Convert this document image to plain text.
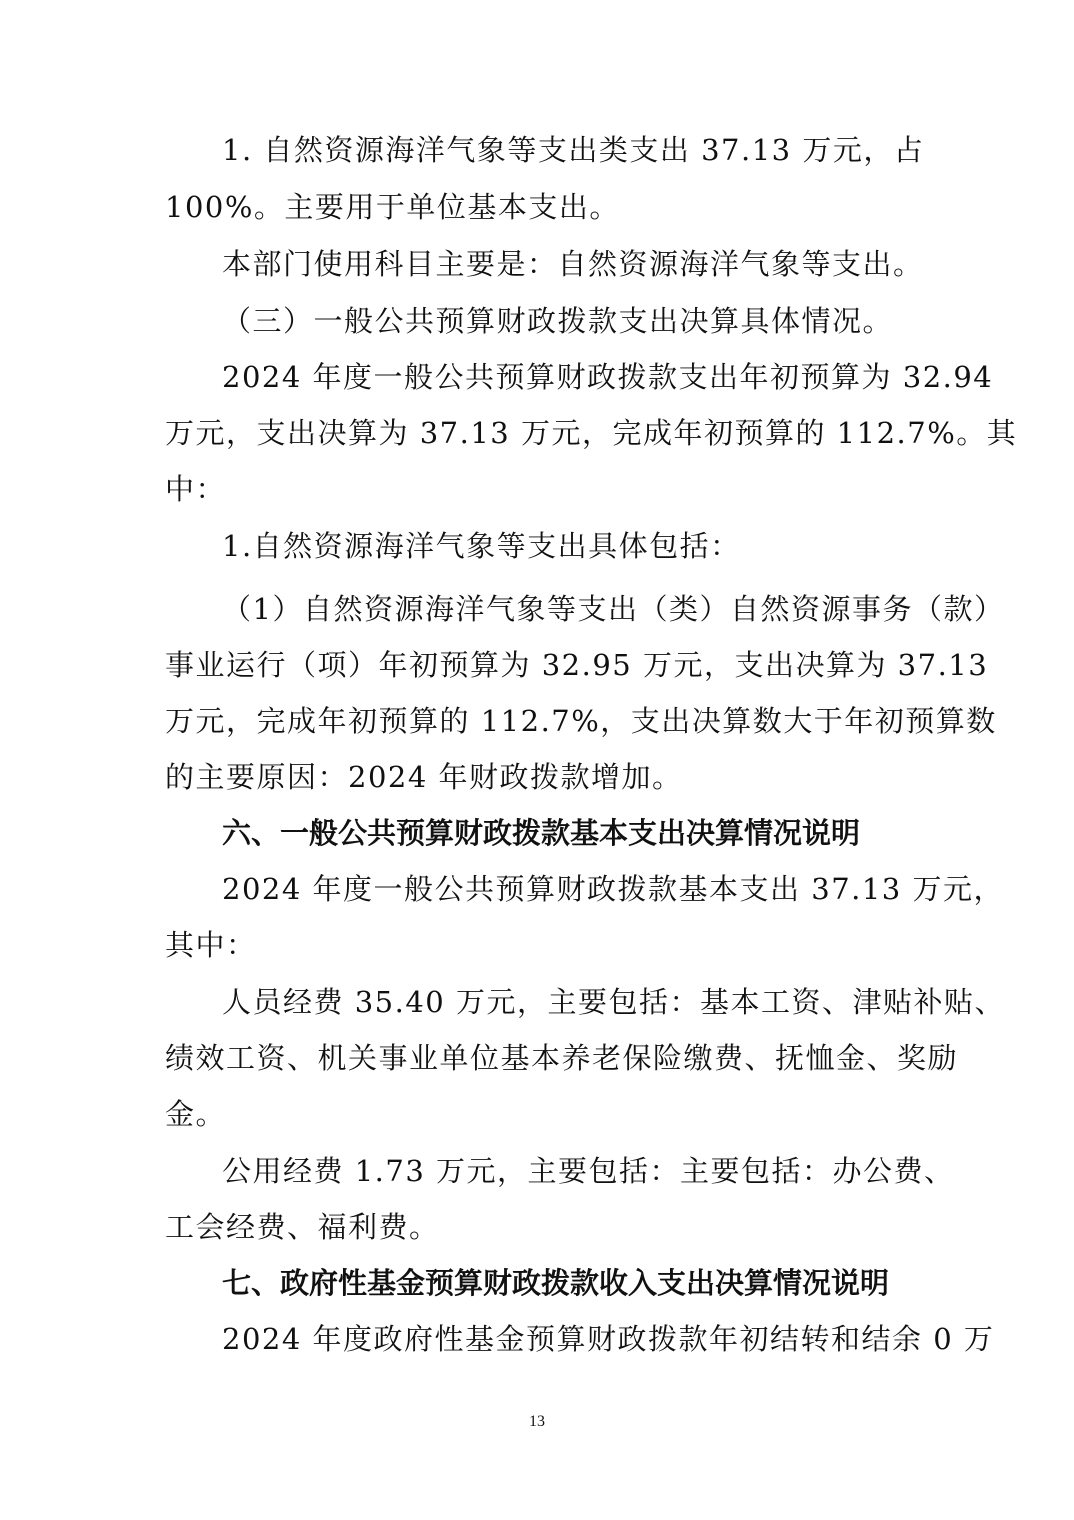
1. 自然资源海洋气象等支出类支出 37.13 万元，占
100%。主要用于单位基本支出。
本部门使用科目主要是：自然资源海洋气象等支出。
（三）一般公共预算财政拨款支出决算具体情况。
2024 年度一般公共预算财政拨款支出年初预算为 32.94
万元，支出决算为 37.13 万元，完成年初预算的 112.7%。其
中：
1.自然资源海洋气象等支出具体包括：
（1）自然资源海洋气象等支出（类）自然资源事务（款）
事业运行（项）年初预算为 32.95 万元，支出决算为 37.13
万元，完成年初预算的 112.7%，支出决算数大于年初预算数
的主要原因：2024 年财政拨款增加。
六、一般公共预算财政拨款基本支出决算情况说明
2024 年度一般公共预算财政拨款基本支出 37.13 万元，
其中：
人员经费 35.40 万元，主要包括：基本工资、津贴补贴、
绩效工资、机关事业单位基本养老保险缴费、抚恤金、奖励
金。
公用经费 1.73 万元，主要包括：主要包括：办公费、
工会经费、福利费。
七、政府性基金预算财政拨款收入支出决算情况说明
2024 年度政府性基金预算财政拨款年初结转和结余 0 万
13
